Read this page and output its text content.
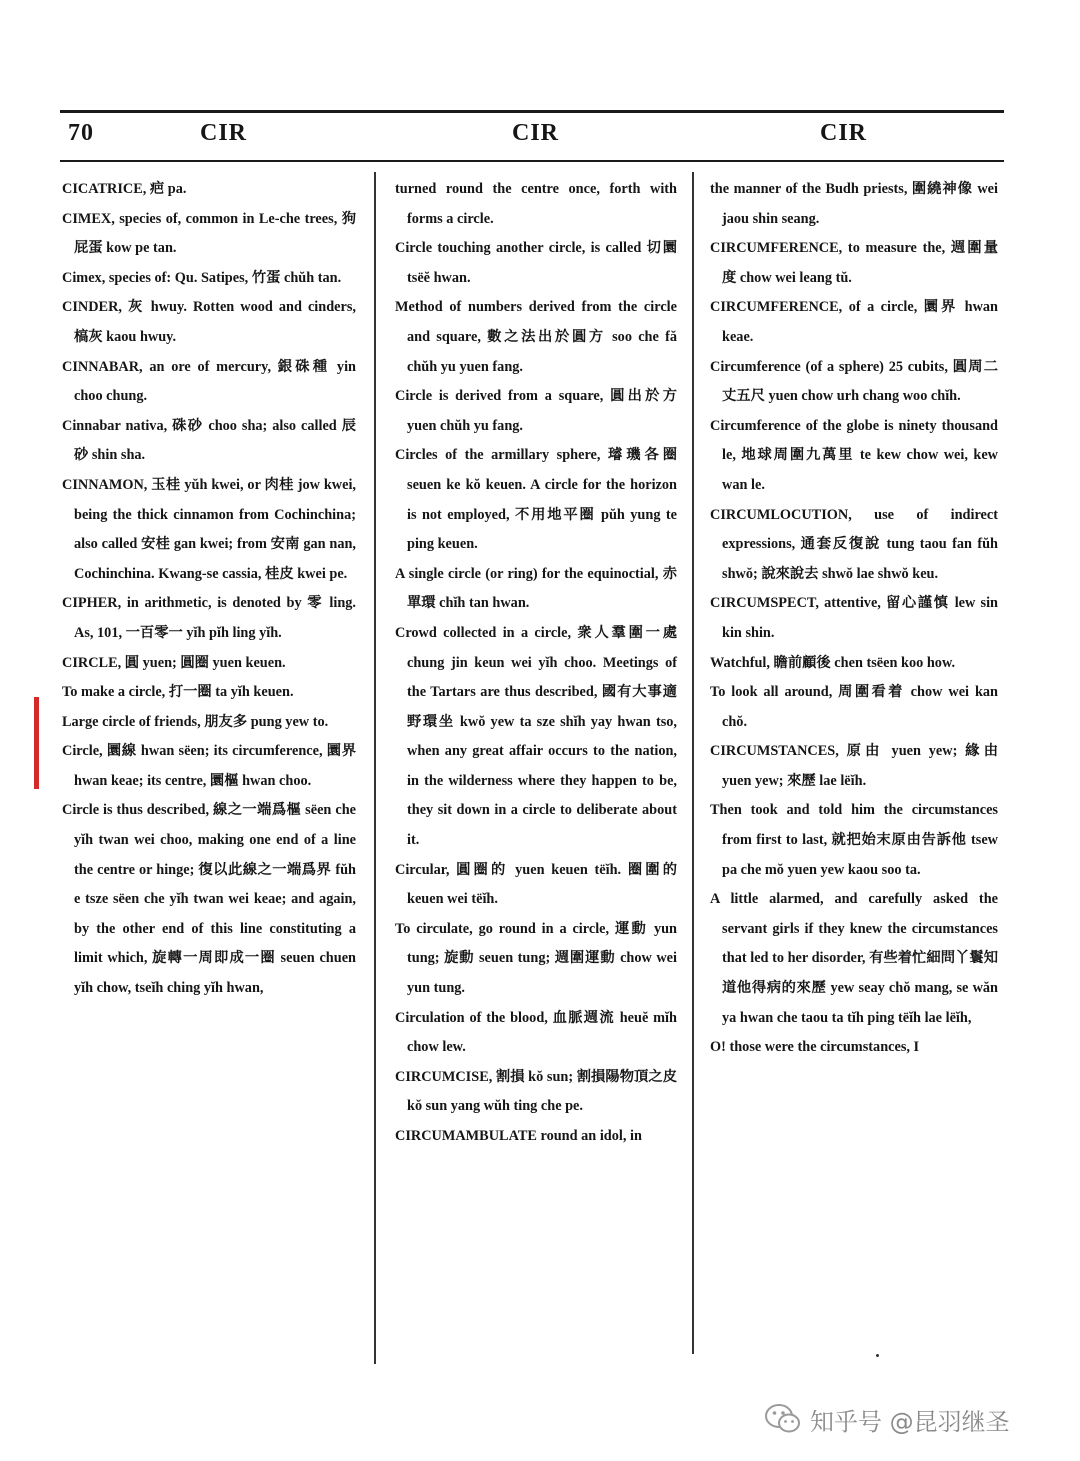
70	CIR	CIR	CIR

CICATRICE, 疤 pa.

CIMEX, species of, common in Le-che trees, 狗屁蛋 kow pe tan.

Cimex, species of: Qu. Satipes, 竹蛋 chŭh tan.

CINDER, 灰 hwuy. Rotten wood and cinders, 槁灰 kaou hwuy.

CINNABAR, an ore of mercury, 銀硃種 yin choo chung.

Cinnabar nativa, 硃砂 choo sha; also called 辰砂 shin sha.

CINNAMON, 玉桂 yŭh kwei, or 肉桂 jow kwei, being the thick cinnamon from Cochinchina; also called 安桂 gan kwei; from 安南 gan nan, Cochinchina. Kwang-se cassia, 桂皮 kwei pe.

CIPHER, in arithmetic, is denoted by 零 ling. As, 101, 一百零一 yĭh pĭh ling yĭh.

CIRCLE, 圓 yuen; 圓圈 yuen keuen.

To make a circle, 打一圈 ta yĭh keuen.

Large circle of friends, 朋友多 pung yew to.

Circle, 圜線 hwan sëen; its circumference, 圜界 hwan keae; its centre, 圜樞 hwan choo.

Circle is thus described, 線之一端爲樞 sëen che yĭh twan wei choo, making one end of a line the centre or hinge; 復以此線之一端爲界 fŭh e tsze sëen che yĭh twan wei keae; and again, by the other end of this line constituting a limit which, 旋轉一周即成一圈 seuen chuen yĭh chow, tseĭh ching yĭh hwan,

turned round the centre once, forth with forms a circle.

Circle touching another circle, is called 切圜 tsëĕ hwan.

Method of numbers derived from the circle and square, 數之法出於圓方 soo che fă chŭh yu yuen fang.

Circle is derived from a square, 圓出於方 yuen chŭh yu fang.

Circles of the armillary sphere, 璿璣各圈 seuen ke kŏ keuen. A circle for the horizon is not employed, 不用地平圈 pŭh yung te ping keuen.

A single circle (or ring) for the equinoctial, 赤單環 chĭh tan hwan.

Crowd collected in a circle, 衆人羣圍一處 chung jin keun wei yĭh choo. Meetings of the Tartars are thus described, 國有大事適野環坐 kwŏ yew ta sze shĭh yay hwan tso, when any great affair occurs to the nation, in the wilderness where they happen to be, they sit down in a circle to deliberate about it.

Circular, 圓圈的 yuen keuen tëĭh. 圈圍的 keuen wei tëĭh.

To circulate, go round in a circle, 運動 yun tung; 旋動 seuen tung; 週圍運動 chow wei yun tung.

Circulation of the blood, 血脈週流 heuĕ mĭh chow lew.

CIRCUMCISE, 割損 kŏ sun; 割損陽物頂之皮 kŏ sun yang wŭh ting che pe.

CIRCUMAMBULATE round an idol, in

the manner of the Budh priests, 圍繞神像 wei jaou shin seang.

CIRCUMFERENCE, to measure the, 週圍量度 chow wei leang tŭ.

CIRCUMFERENCE, of a circle, 圜界 hwan keae.

Circumference (of a sphere) 25 cubits, 圓周二丈五尺 yuen chow urh chang woo chĭh.

Circumference of the globe is ninety thousand le, 地球周圍九萬里 te kew chow wei, kew wan le.

CIRCUMLOCUTION, use of indirect expressions, 通套反復說 tung taou fan fŭh shwŏ; 說來說去 shwŏ lae shwŏ keu.

CIRCUMSPECT, attentive, 留心謹慎 lew sin kin shin.

Watchful, 瞻前顧後 chen tsëen koo how.

To look all around, 周圍看着 chow wei kan chŏ.

CIRCUMSTANCES, 原由 yuen yew; 緣由 yuen yew; 來歷 lae lëĭh.

Then took and told him the circumstances from first to last, 就把始末原由告訴他 tsew pa che mŏ yuen yew kaou soo ta.

A little alarmed, and carefully asked the servant girls if they knew the circumstances that led to her disorder, 有些着忙細問丫鬟知道他得病的來歷 yew seay chŏ mang, se wăn ya hwan che taou ta tĭh ping tëĭh lae lëĭh,

O! those were the circumstances, I

知乎号 @昆羽继圣
